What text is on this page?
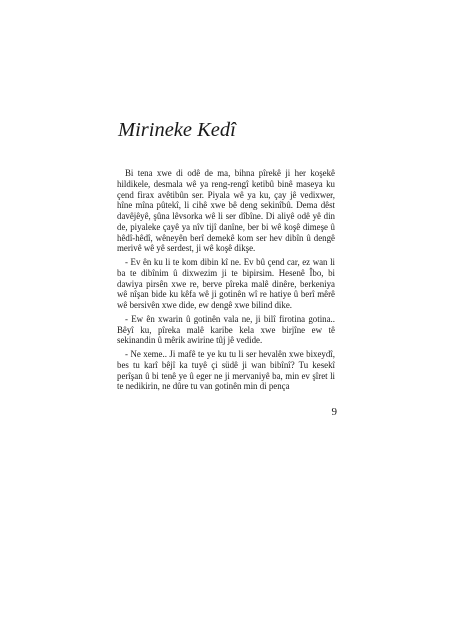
Mirineke Kedî

Bi tena xwe di odê de ma, bihna pîrekê ji her koşekê hildikele, desmala wê ya reng-rengî ketibû binê maseya ku çend firax avêtibûn ser. Piyala wê ya ku, çay jê vedixwer, hîne mîna pûtekî, li cihê xwe bê deng sekinîbû. Dema dêst davêjêyê, şûna lêvsorka wê li ser dîbîne. Di aliyê odê yê din de, piyaleke çayê ya nîv tijî danîne, ber bi wê koşê dimeşe û hêdî-hêdî, wêneyên berî demekê kom ser hev dibîn û dengê merivê wê yê serdest, ji wê koşê dikşe.

- Ev ên ku li te kom dibin kî ne. Ev bû çend car, ez wan li ba te dibînim û dixwezim ji te bipirsim. Hesenê Îbo, bi dawiya pirsên xwe re, berve pîreka malê dinêre, berkeniya wê nîşan bide ku kêfa wê ji gotinên wî re hatiye û berî mêrê wê bersivên xwe dide, ew dengê xwe bilind dike.

- Ew ên xwarin û gotinên vala ne, ji bilî firotina gotina.. Bêyî ku, pîreka malê karibe kela xwe birjîne ew tê sekinandin û mêrik awirine tûj jê vedide.

- Ne xeme.. Ji mafê te ye ku tu li ser hevalên xwe bixeydî, bes tu karî bêjî ka tuyê çi südê ji wan bibînî? Tu kesekî perîşan û bi tenê ye û eger ne ji mervaniyê ba, min ev şîret li te nedikirin, ne dûre tu van gotinên min di pençа

9
